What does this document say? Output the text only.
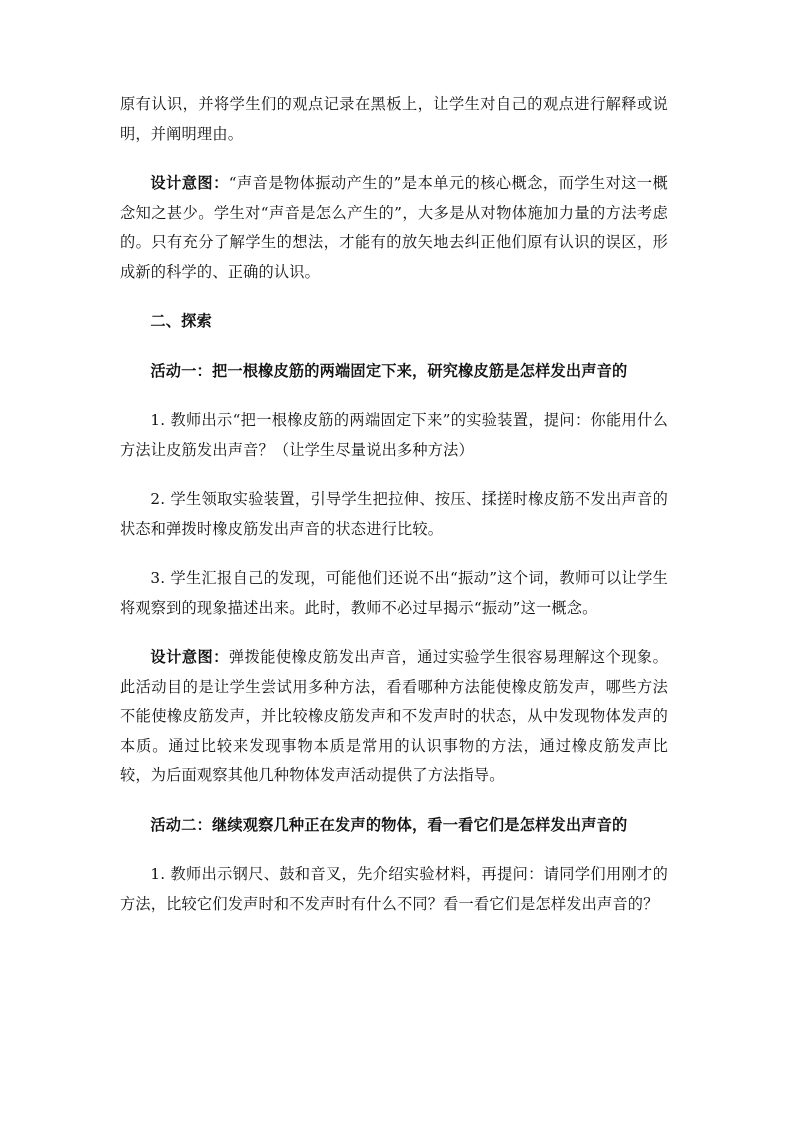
原有认识，并将学生们的观点记录在黑板上，让学生对自己的观点进行解释或说明，并阐明理由。

设计意图：“声音是物体振动产生的”是本单元的核心概念，而学生对这一概念知之甚少。学生对“声音是怎么产生的”，大多是从对物体施加力量的方法考虑的。只有充分了解学生的想法，才能有的放矢地去纠正他们原有认识的误区，形成新的科学的、正确的认识。

二、探索

活动一：把一根橡皮筋的两端固定下来，研究橡皮筋是怎样发出声音的

1. 教师出示“把一根橡皮筋的两端固定下来”的实验装置，提问：你能用什么方法让皮筋发出声音？（让学生尽量说出多种方法）

2. 学生领取实验装置，引导学生把拉伸、按压、揉搓时橡皮筋不发出声音的状态和弹拨时橡皮筋发出声音的状态进行比较。

3. 学生汇报自己的发现，可能他们还说不出“振动”这个词，教师可以让学生将观察到的现象描述出来。此时，教师不必过早揭示“振动”这一概念。

设计意图：弹拨能使橡皮筋发出声音，通过实验学生很容易理解这个现象。此活动目的是让学生尝试用多种方法，看看哪种方法能使橡皮筋发声，哪些方法不能使橡皮筋发声，并比较橡皮筋发声和不发声时的状态，从中发现物体发声的本质。通过比较来发现事物本质是常用的认识事物的方法，通过橡皮筋发声比较，为后面观察其他几种物体发声活动提供了方法指导。

活动二：继续观察几种正在发声的物体，看一看它们是怎样发出声音的

1. 教师出示钢尺、鼓和音叉，先介绍实验材料，再提问：请同学们用刚才的方法，比较它们发声时和不发声时有什么不同？看一看它们是怎样发出声音的？
